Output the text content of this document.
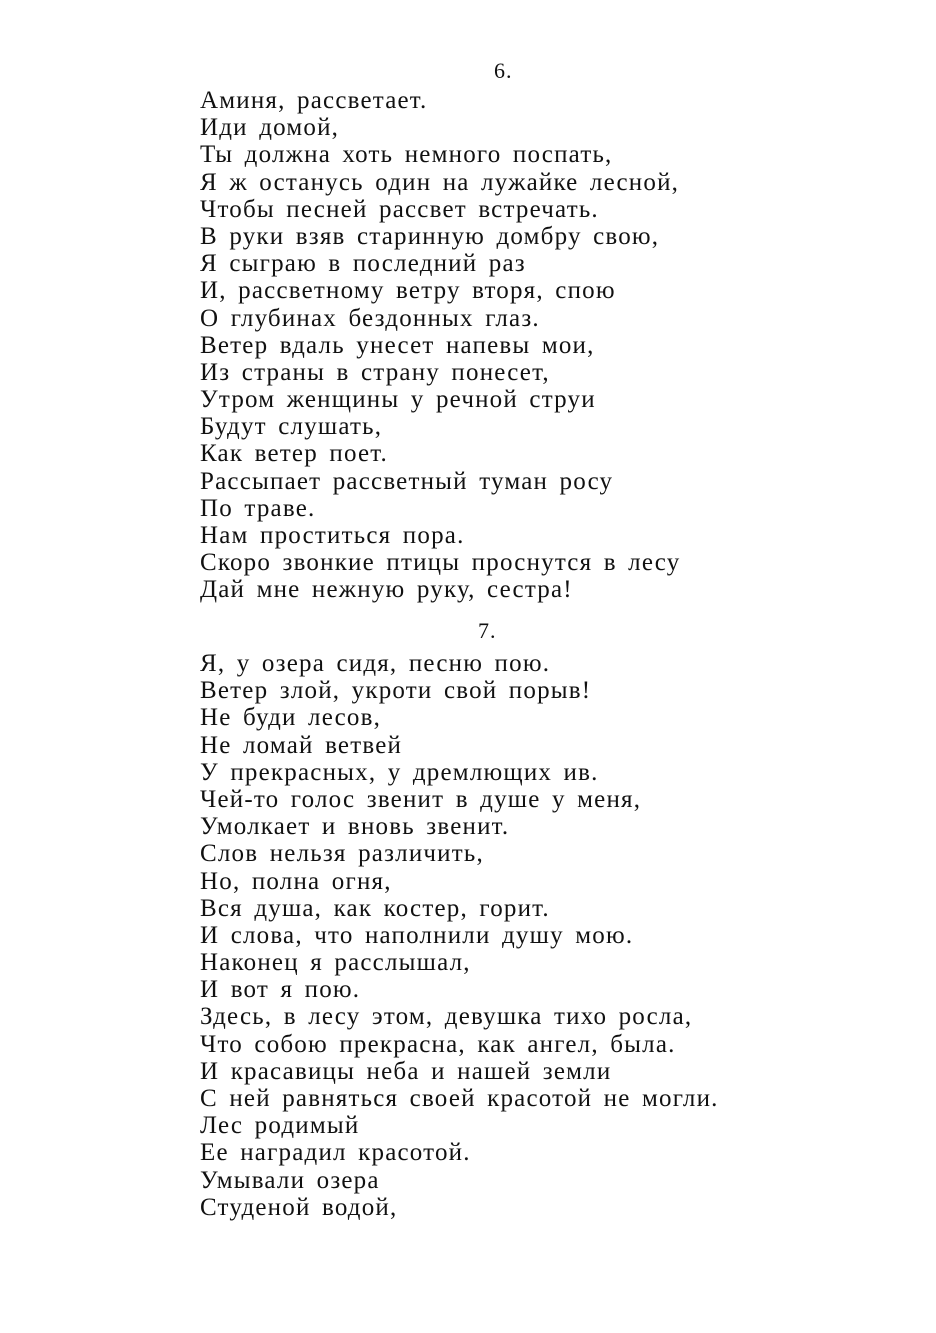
6.
Аминя, рассветает.
Иди домой,
Ты должна хоть немного поспать,
Я ж останусь один на лужайке лесной,
Чтобы песней рассвет встречать.
В руки взяв старинную домбру свою,
Я сыграю в последний раз
И, рассветному ветру вторя, спою
О глубинах бездонных глаз.
Ветер вдаль унесет напевы мои,
Из страны в страну понесет,
Утром женщины у речной струи
Будут слушать,
Как ветер поет.
Рассыпает рассветный туман росу
По траве.
Нам проститься пора.
Скоро звонкие птицы проснутся в лесу
Дай мне нежную руку, сестра!
7.
Я, у озера сидя, песню пою.
Ветер злой, укроти свой порыв!
Не буди лесов,
Не ломай ветвей
У прекрасных, у дремлющих ив.
Чей-то голос звенит в душе у меня,
Умолкает и вновь звенит.
Слов нельзя различить,
Но, полна огня,
Вся душа, как костер, горит.
И слова, что наполнили душу мою.
Наконец я расслышал,
И вот я пою.
Здесь, в лесу этом, девушка тихо росла,
Что собою прекрасна, как ангел, была.
И красавицы неба и нашей земли
С ней равняться своей красотой не могли.
Лес родимый
Ее наградил красотой.
Умывали озера
Студеной водой,
